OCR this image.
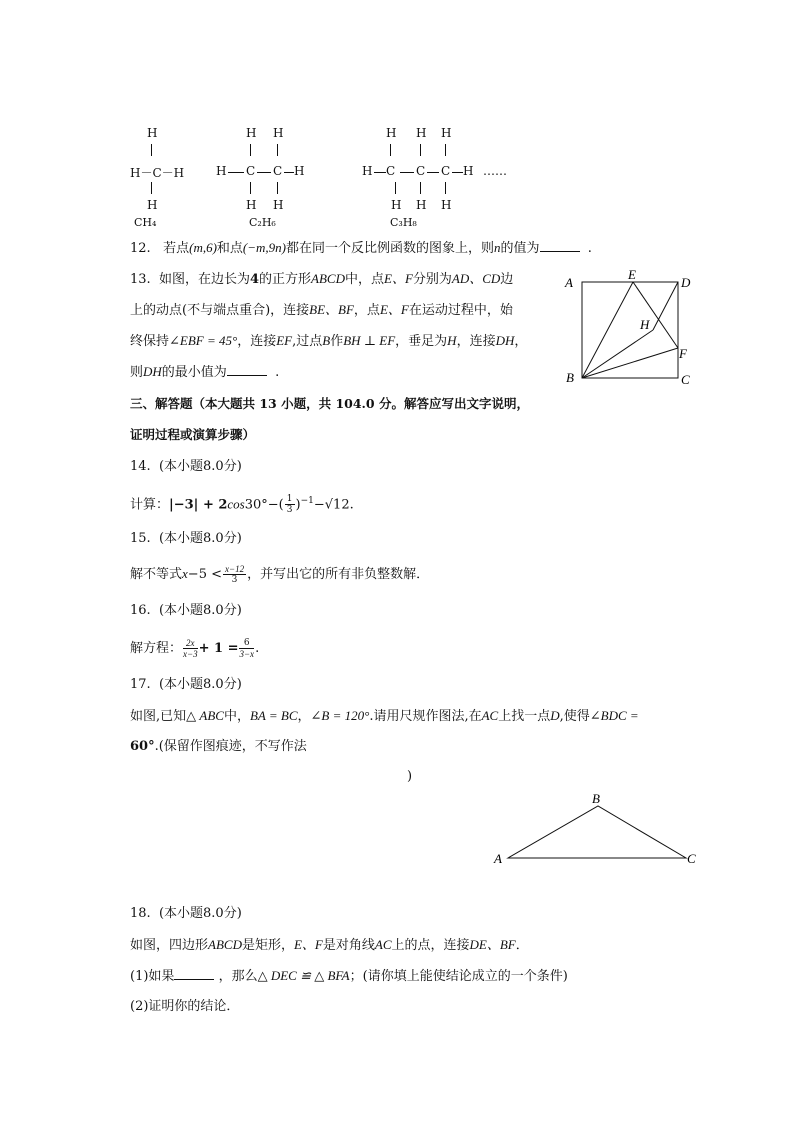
H
H－C－H
H
CH₄
H H
H C C H
H H
C₂H₆
H H H
H C C C H ……
H H H
C₃H₈
12. 若点(m,6)和点(−m,9n)都在同一个反比例函数的图象上，则n的值为	.
13. 如图，在边长为4的正方形ABCD中，点E、F分别为AD、CD边
上的动点(不与端点重合)，连接BE、BF，点E、F在运动过程中，始
终保持∠EBF = 45°，连接EF,过点B作BH ⊥ EF，垂足为H，连接DH，
则DH的最小值为	.
A
E
D
H
F
B	C
三、解答题（本大题共 13 小题，共 104.0 分。解答应写出文字说明，
证明过程或演算步骤）
14. (本小题8.0分)
计算：$|-3| + 2\cos 30^\circ-( \frac{1}{3} )^{-1}-√12$.
15. (本小题8.0分)
解不等式$x-5 < \frac{x-12}{3}$ ，并写出它的所有非负整数解．
16. (本小题8.0分)
解方程： $\frac{2x}{x-3} + 1 = \frac{6}{3-x}$ .
17. (本小题8.0分)
如图,已知△ ABC中，BA = BC，∠B = 120°.请用尺规作图法,在AC上找一点D,使得∠BDC =
60°.(保留作图痕迹，不写作法
)
A
B
C
18. (本小题8.0分)
如图，四边形ABCD是矩形，E、F是对角线AC上的点，连接DE、BF．
(1)如果	，那么△ DEC ≌ △ BFA；(请你填上能使结论成立的一个条件)
(2)证明你的结论．
